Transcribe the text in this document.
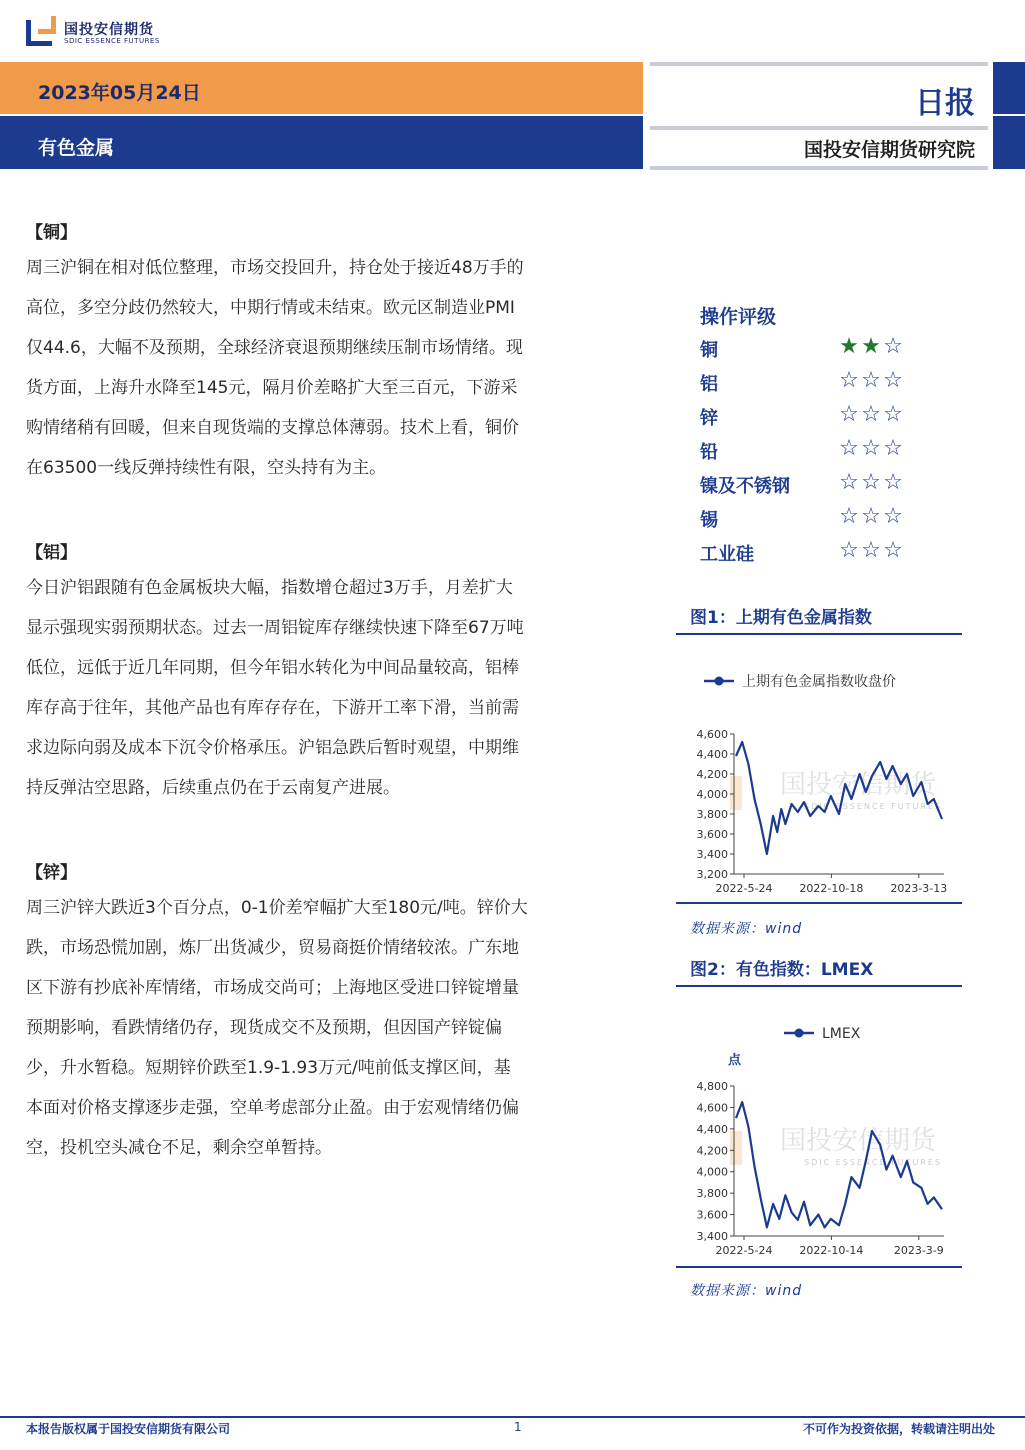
国投安信期货
SDIC ESSENCE FUTURES
2023年05月24日
有色金属
日报
国投安信期货研究院
【铜】
周三沪铜在相对低位整理，市场交投回升，持仓处于接近48万手的
高位，多空分歧仍然较大，中期行情或未结束。欧元区制造业PMI
仅44.6，大幅不及预期，全球经济衰退预期继续压制市场情绪。现
货方面，上海升水降至145元，隔月价差略扩大至三百元，下游采
购情绪稍有回暖，但来自现货端的支撑总体薄弱。技术上看，铜价
在63500一线反弹持续性有限，空头持有为主。
【铝】
今日沪铝跟随有色金属板块大幅，指数增仓超过3万手，月差扩大
显示强现实弱预期状态。过去一周铝锭库存继续快速下降至67万吨
低位，远低于近几年同期，但今年铝水转化为中间品量较高，铝棒
库存高于往年，其他产品也有库存存在，下游开工率下滑，当前需
求边际向弱及成本下沉令价格承压。沪铝急跌后暂时观望，中期维
持反弹沽空思路，后续重点仍在于云南复产进展。
【锌】
周三沪锌大跌近3个百分点，0-1价差窄幅扩大至180元/吨。锌价大
跌，市场恐慌加剧，炼厂出货减少，贸易商挺价情绪较浓。广东地
区下游有抄底补库情绪，市场成交尚可；上海地区受进口锌锭增量
预期影响，看跌情绪仍存，现货成交不及预期，但因国产锌锭偏
少，升水暂稳。短期锌价跌至1.9-1.93万元/吨前低支撑区间，基
本面对价格支撑逐步走强，空单考虑部分止盈。由于宏观情绪仍偏
空，投机空头减仓不足，剩余空单暂持。
操作评级
铜	★ ★ ☆
铝	☆ ☆ ☆
锌	☆ ☆ ☆
铅	☆ ☆ ☆
镍及不锈钢 ☆ ☆ ☆
锡	☆ ☆ ☆
工业硅	☆ ☆ ☆
图1：上期有色金属指数
上期有色金属指数收盘价
国投安信期货
SDIC ESSENCE FUTURES
3,200
3,400
3,600
3,800
4,000
4,200
4,400
4,600
2022-5-24 2022-10-18 2023-3-13
数据来源：wind
图2：有色指数：LMEX
LMEX
点
国投安信期货
SDIC ESSENCE FUTURES
3,400
3,600
3,800
4,000
4,200
4,400
4,600
4,800
2022-5-24 2022-10-14	2023-3-9
数据来源：wind
本报告版权属于国投安信期货有限公司	1	不可作为投资依据，转载请注明出处
